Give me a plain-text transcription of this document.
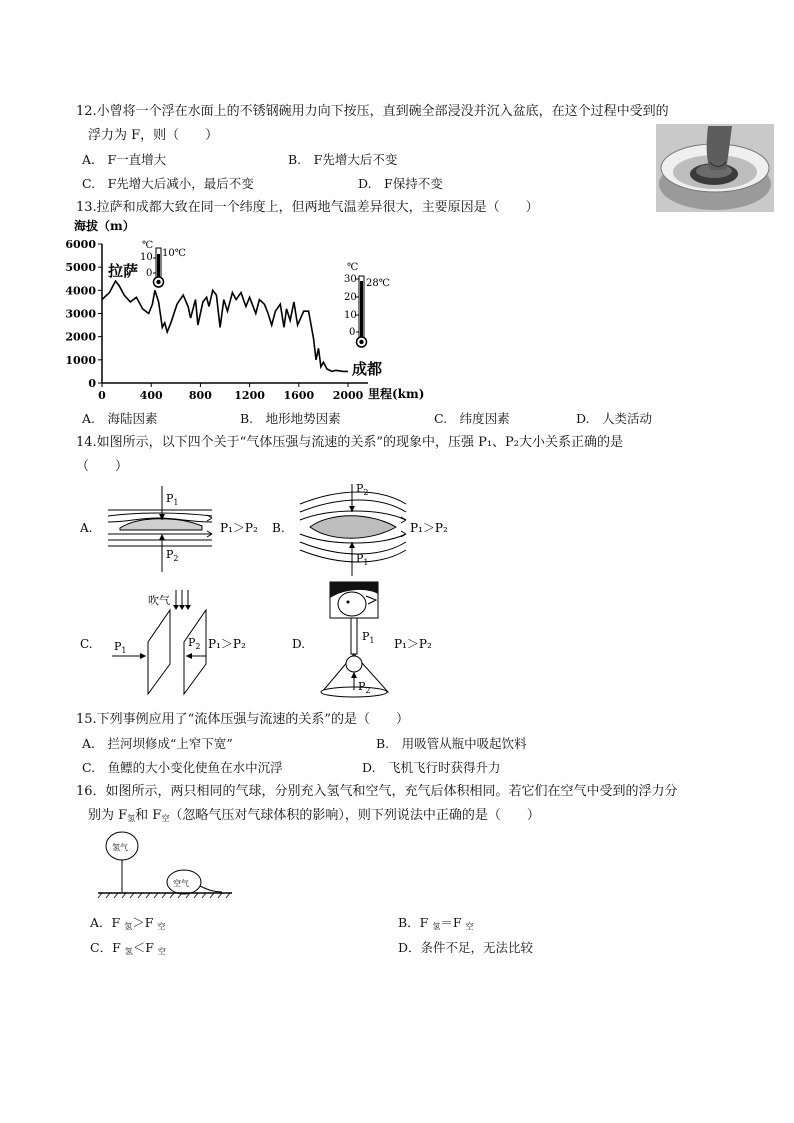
12.小曾将一个浮在水面上的不锈钢碗用力向下按压，直到碗全部浸没并沉入盆底，在这个过程中受到的
浮力为 F，则（　　）
A.　F一直增大	B.　F先增大后不变
C.　F先增大后减小，最后不变	D.　F保持不变
13.拉萨和成都大致在同一个纬度上，但两地气温差异很大，主要原因是（　　）
海拔（m）
里程(km)
0
1000
2000
3000
4000
5000
6000
0	400 800 1200 1600 2000
拉萨
成都
℃
10
0
10℃
℃
30
20
10
0
28℃
A.　海陆因素	B.　地形地势因素	C.　纬度因素	D.　人类活动
14.如图所示，以下四个关于“气体压强与流速的关系”的现象中，压强 P₁、P₂大小关系正确的是
（　　）
A.
$P_1$
$P_2$
P₁＞P₂ B.
$P_2$
$P_1$
P₁＞P₂
C.
吹气
$P_1$
$P_2$ P₁＞P₂	D.
$P_1$
$P_2$
P₁＞P₂
15.下列事例应用了“流体压强与流速的关系”的是（　　）
A.　拦河坝修成“上窄下宽”	B.　用吸管从瓶中吸起饮料
C.　鱼鳔的大小变化使鱼在水中沉浮	D.　飞机飞行时获得升力
16．如图所示，两只相同的气球，分别充入氢气和空气，充气后体积相同。若它们在空气中受到的浮力分
别为 $F_氢$和 $F_空$（忽略气压对气球体积的影响），则下列说法中正确的是（　　）
氢气
空气
A．F $_氢$＞F $_空$	B．F $_氢$＝F $_空$
C．F $_氢$＜F $_空$	D．条件不足，无法比较
